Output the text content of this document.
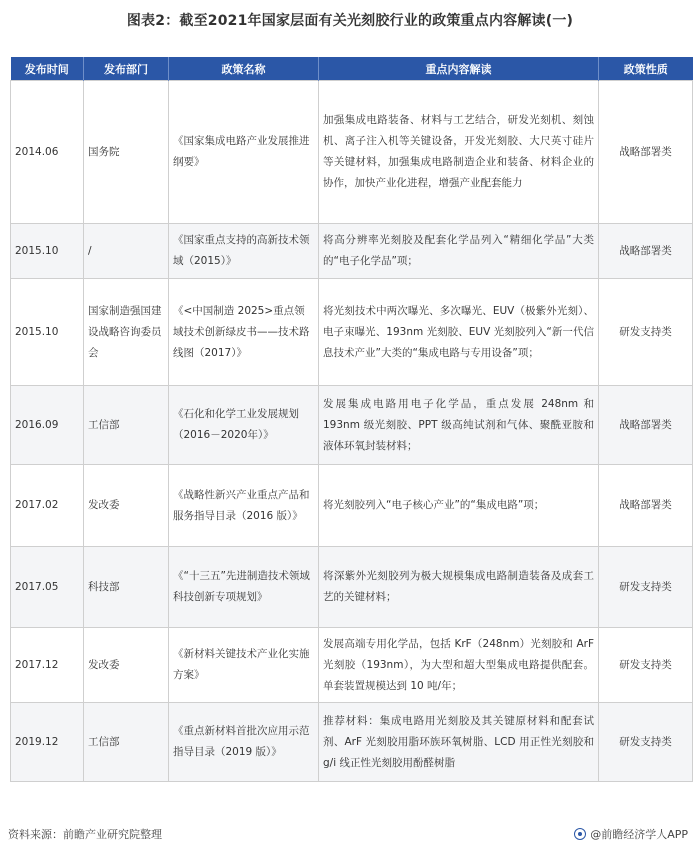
图表2：截至2021年国家层面有关光刻胶行业的政策重点内容解读(一)
发布时间	发布部门	政策名称	重点内容解读	政策性质
2014.06	国务院	《国家集成电路产业发展推进纲要》	加强集成电路装备、材料与工艺结合，研发光刻机、刻蚀机、离子注入机等关键设备，开发光刻胶、大尺英寸硅片等关键材料，加强集成电路制造企业和装备、材料企业的协作，加快产业化进程，增强产业配套能力	战略部署类
2015.10	/	《国家重点支持的高新技术领域（2015）》	将高分辨率光刻胶及配套化学品列入“精细化学品”大类的“电子化学品”项；	战略部署类
2015.10	国家制造强国建设战略咨询委员会	《<中国制造 2025>重点领域技术创新绿皮书——技术路线图（2017）》	将光刻技术中两次曝光、多次曝光、EUV（极紫外光刻）、电子束曝光、193nm 光刻胶、EUV 光刻胶列入“新一代信息技术产业”大类的“集成电路与专用设备”项；	研发支持类
2016.09	工信部	《石化和化学工业发展规划（2016－2020年）》	发展集成电路用电子化学品，重点发展 248nm 和 193nm 级光刻胶、PPT 级高纯试剂和气体、聚酰亚胺和液体环氧封装材料；	战略部署类
2017.02	发改委	《战略性新兴产业重点产品和服务指导目录（2016 版）》	将光刻胶列入“电子核心产业”的“集成电路”项；	战略部署类
2017.05	科技部	《“十三五”先进制造技术领域科技创新专项规划》	将深紫外光刻胶列为极大规模集成电路制造装备及成套工艺的关键材料；	研发支持类
2017.12	发改委	《新材料关键技术产业化实施方案》	发展高端专用化学品，包括 KrF（248nm）光刻胶和 ArF 光刻胶（193nm），为大型和超大型集成电路提供配套。单套装置规模达到 10 吨/年；	研发支持类
2019.12	工信部	《重点新材料首批次应用示范指导目录（2019 版）》	推荐材料：集成电路用光刻胶及其关键原材料和配套试剂、ArF 光刻胶用脂环族环氧树脂、LCD 用正性光刻胶和 g/i 线正性光刻胶用酚醛树脂	研发支持类
资料来源：前瞻产业研究院整理	@前瞻经济学人APP
